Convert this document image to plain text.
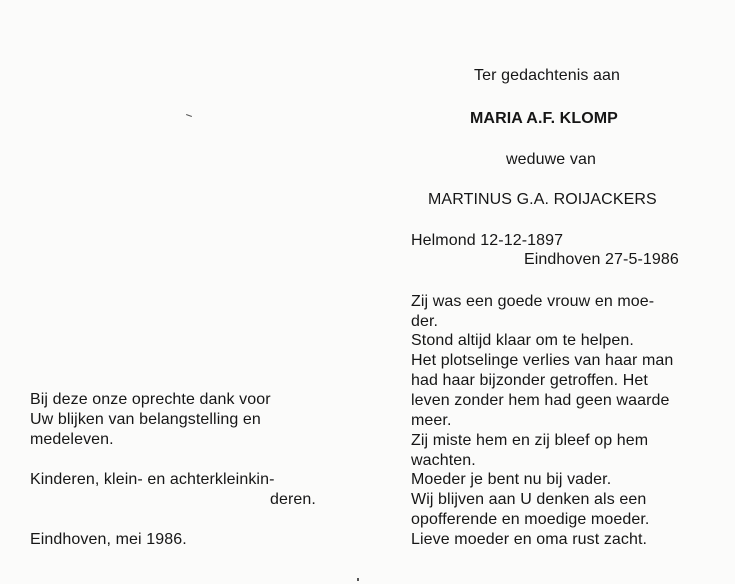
Ter gedachtenis aan
MARIA A.F. KLOMP
weduwe van
MARTINUS G.A. ROIJACKERS
Helmond 12-12-1897
Eindhoven 27-5-1986
Zij was een goede vrouw en moe-
der.
Stond altijd klaar om te helpen.
Het plotselinge verlies van haar man
had haar bijzonder getroffen. Het
leven zonder hem had geen waarde
meer.
Zij miste hem en zij bleef op hem
wachten.
Moeder je bent nu bij vader.
Wij blijven aan U denken als een
opofferende en moedige moeder.
Lieve moeder en oma rust zacht.
Bij deze onze oprechte dank voor
Uw blijken van belangstelling en
medeleven.
Kinderen, klein- en achterkleinkin-
deren.
Eindhoven, mei 1986.
